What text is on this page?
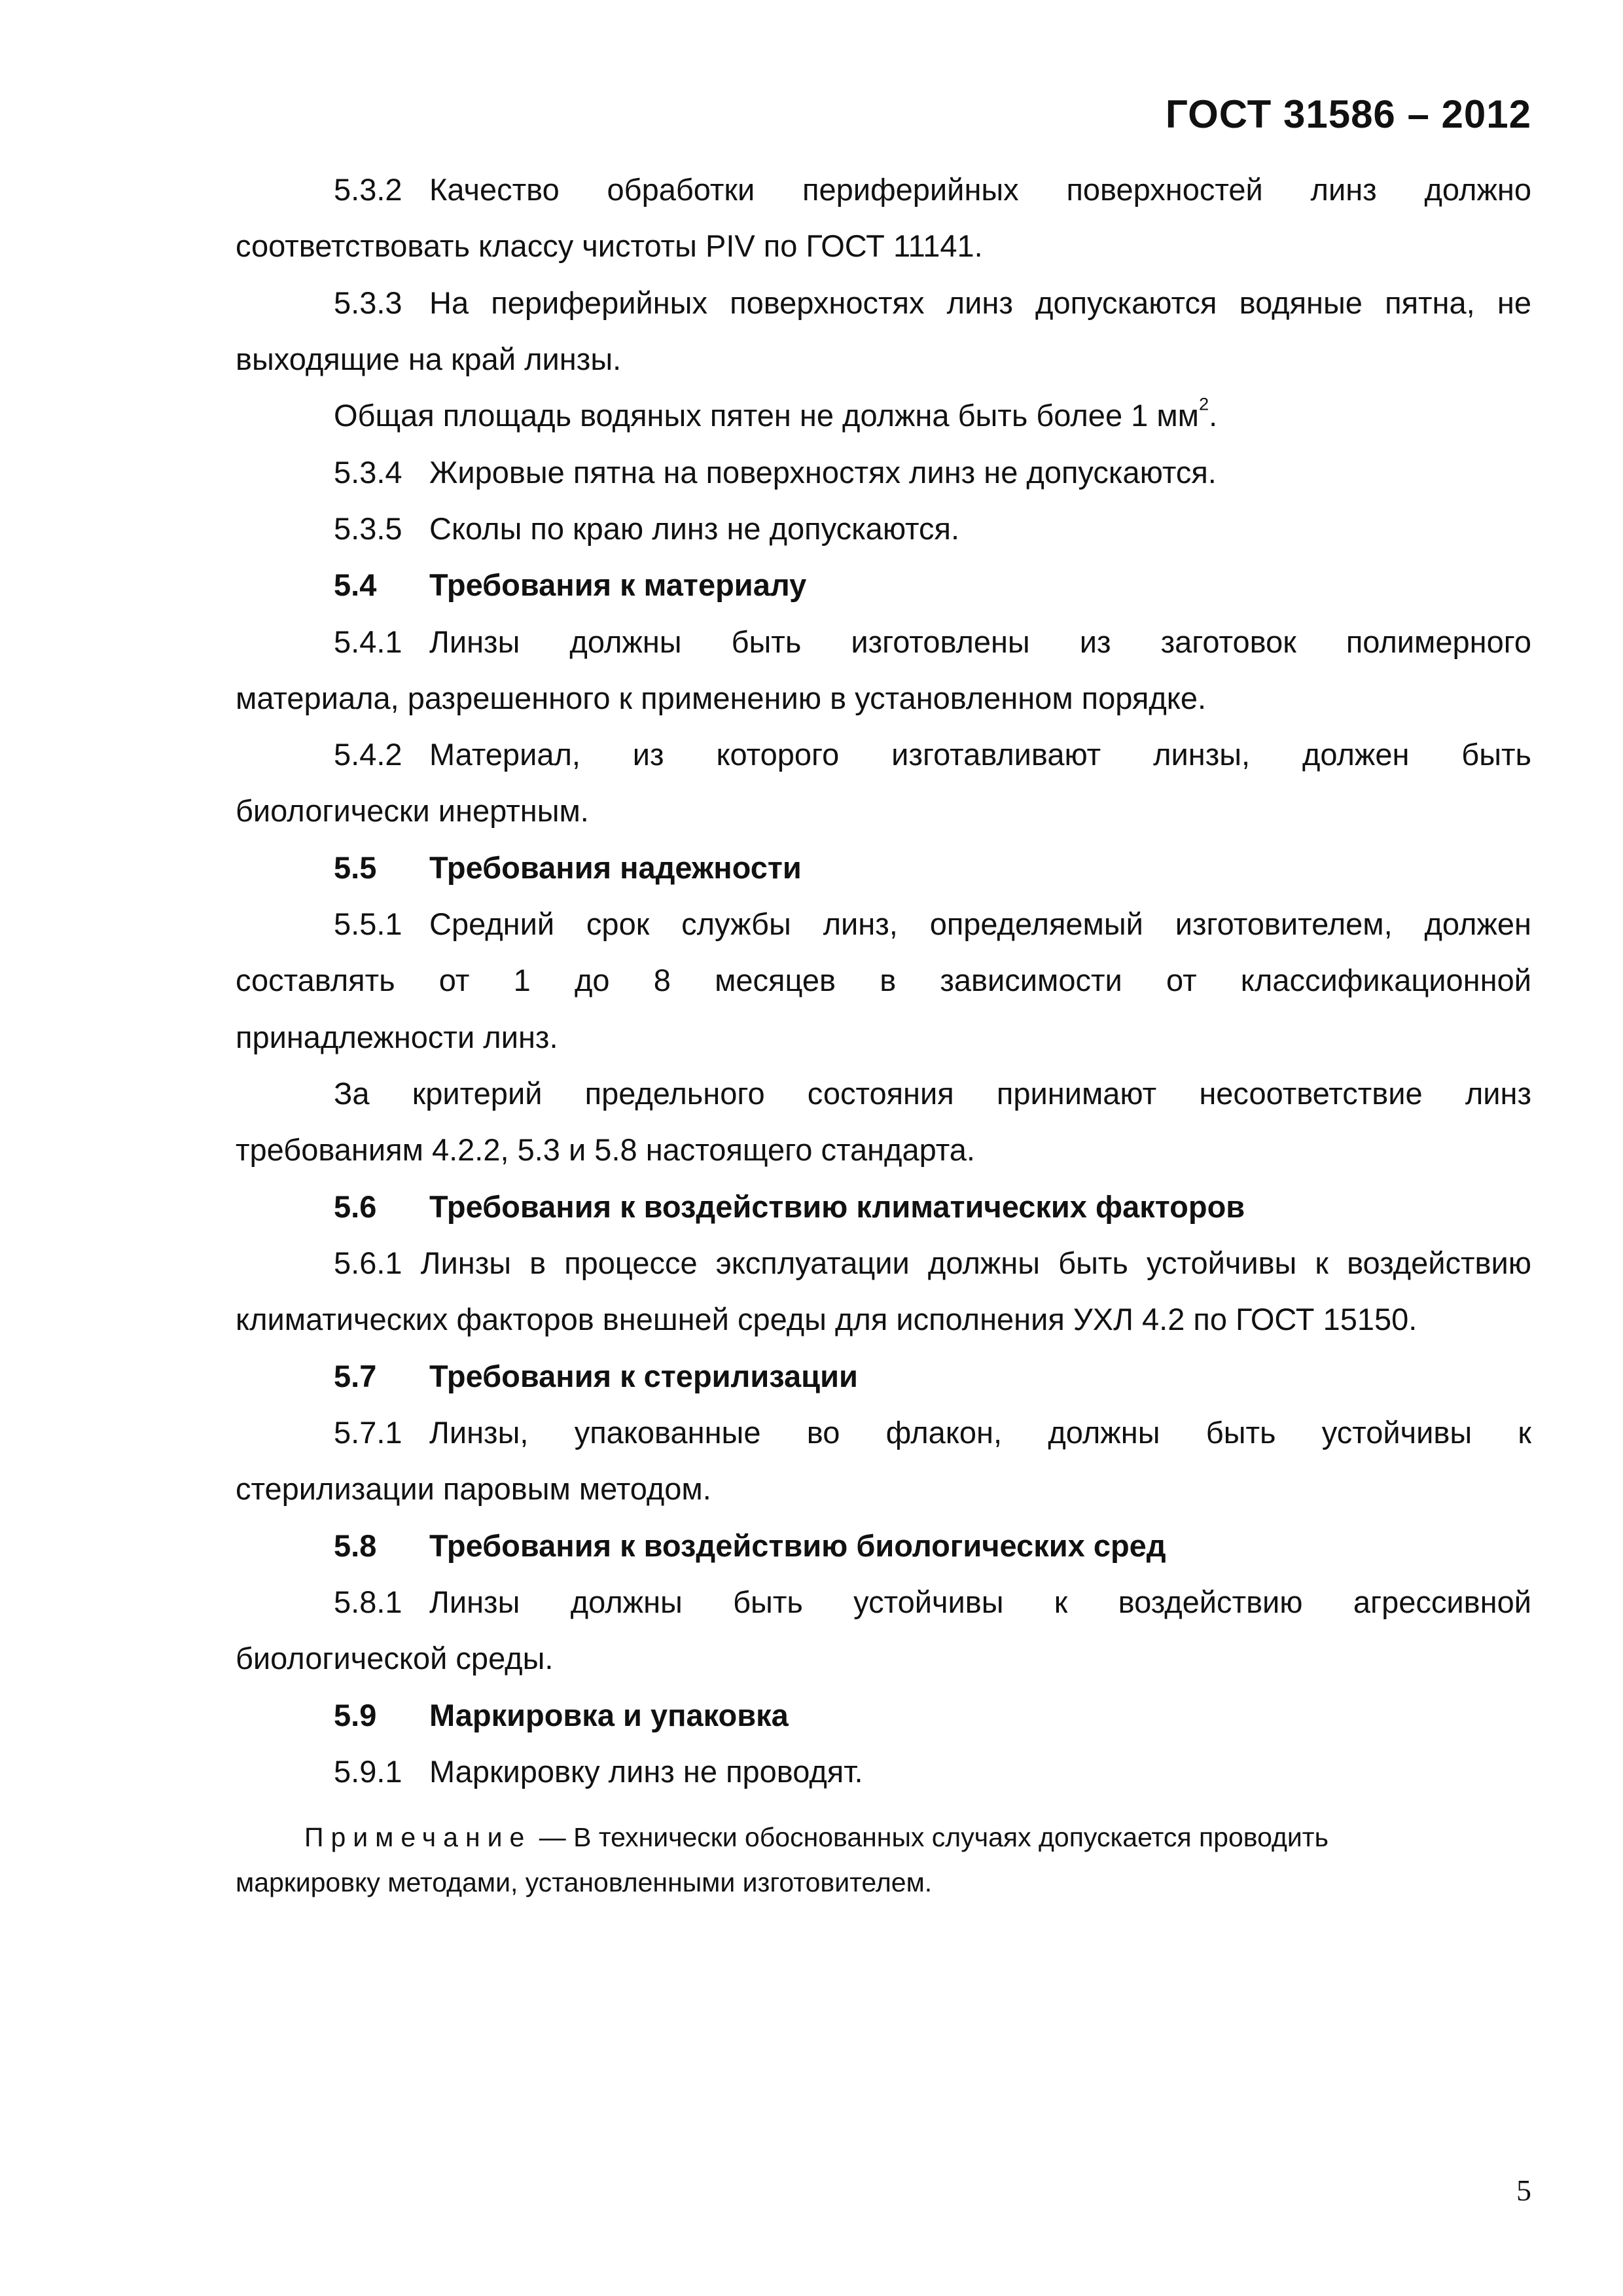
ГОСТ 31586 – 2012
5.3.2 Качество обработки периферийных поверхностей линз должно
соответствовать классу чистоты PIV по ГОСТ 11141.
5.3.3 На периферийных поверхностях линз допускаются водяные пятна, не
выходящие на край линзы.
Общая площадь водяных пятен не должна быть более 1 $мм^2$.
5.3.4 Жировые пятна на поверхностях линз не допускаются.
5.3.5 Сколы по краю линз не допускаются.
5.4 Требования к материалу
5.4.1 Линзы должны быть изготовлены из заготовок полимерного
материала, разрешенного к применению в установленном порядке.
5.4.2 Материал, из которого изготавливают линзы, должен быть
биологически инертным.
5.5 Требования надежности
5.5.1 Средний срок службы линз, определяемый изготовителем, должен
составлять от 1 до 8 месяцев в зависимости от классификационной
принадлежности линз.
За критерий предельного состояния принимают несоответствие линз
требованиям 4.2.2, 5.3 и 5.8 настоящего стандарта.
5.6 Требования к воздействию климатических факторов
5.6.1 Линзы в процессе эксплуатации должны быть устойчивы к воздействию
климатических факторов внешней среды для исполнения УХЛ 4.2 по ГОСТ 15150.
5.7 Требования к стерилизации
5.7.1 Линзы, упакованные во флакон, должны быть устойчивы к
стерилизации паровым методом.
5.8 Требования к воздействию биологических сред
5.8.1 Линзы должны быть устойчивы к воздействию агрессивной
биологической среды.
5.9 Маркировка и упаковка
5.9.1 Маркировку линз не проводят.
Примечание — В технически обоснованных случаях допускается проводить
маркировку методами, установленными изготовителем.
5
